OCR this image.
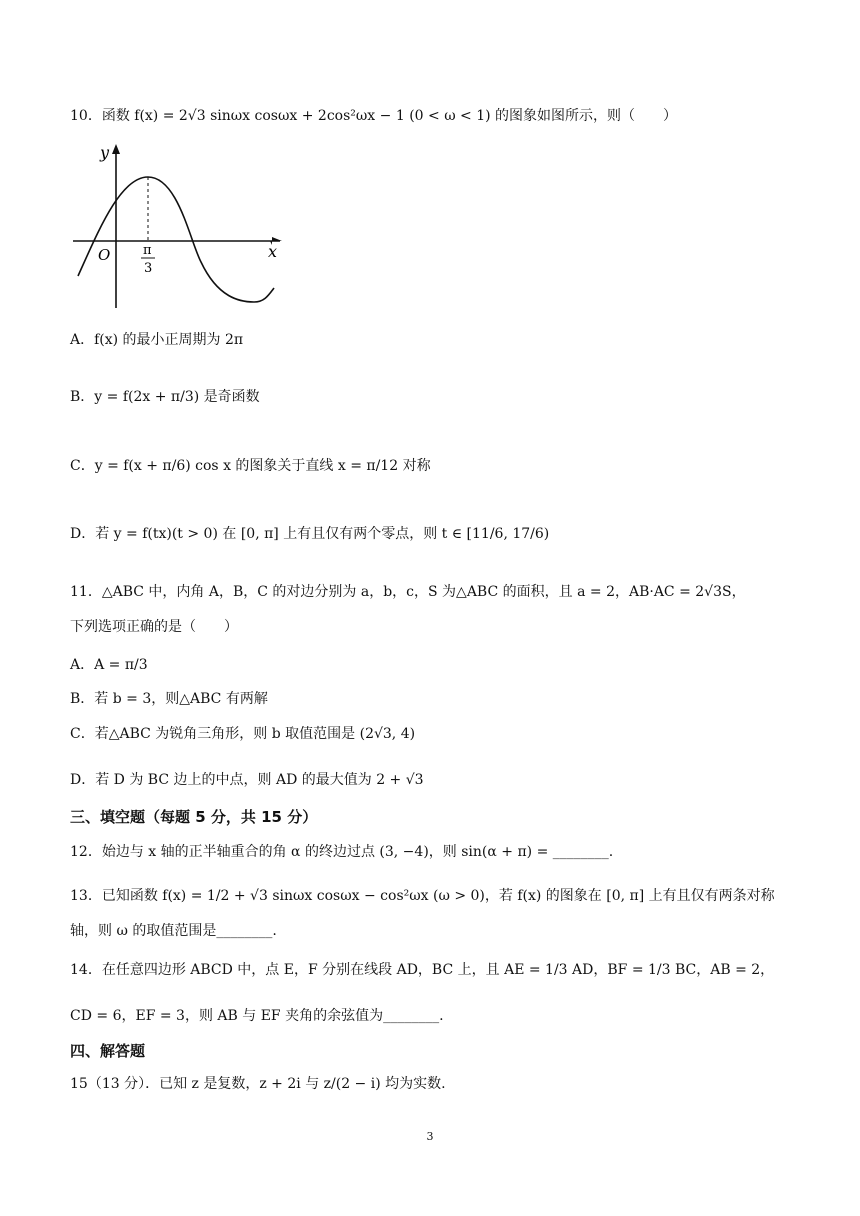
10．函数 f(x) = 2√3 sinωx cosωx + 2cos²ωx − 1 (0 < ω < 1) 的图象如图所示，则（　　）
y
x
O	π
3
A．f(x) 的最小正周期为 2π
B．y = f(2x + π/3) 是奇函数
C．y = f(x + π/6) cos x 的图象关于直线 x = π/12 对称
D．若 y = f(tx)(t > 0) 在 [0, π] 上有且仅有两个零点，则 t ∈ [11/6, 17/6)
11．△ABC 中，内角 A，B，C 的对边分别为 a，b，c，S 为△ABC 的面积，且 a = 2，AB·AC = 2√3S，
下列选项正确的是（　　）
A．A = π/3
B．若 b = 3，则△ABC 有两解
C．若△ABC 为锐角三角形，则 b 取值范围是 (2√3, 4)
D．若 D 为 BC 边上的中点，则 AD 的最大值为 2 + √3
三、填空题（每题 5 分，共 15 分）
12．始边与 x 轴的正半轴重合的角 α 的终边过点 (3, −4)，则 sin(α + π) = ________.
13．已知函数 f(x) = 1/2 + √3 sinωx cosωx − cos²ωx (ω > 0)，若 f(x) 的图象在 [0, π] 上有且仅有两条对称
轴，则 ω 的取值范围是________.
14．在任意四边形 ABCD 中，点 E，F 分别在线段 AD，BC 上，且 AE = 1/3 AD，BF = 1/3 BC，AB = 2，
CD = 6，EF = 3，则 AB 与 EF 夹角的余弦值为________.
四、解答题
15（13 分）．已知 z 是复数，z + 2i 与 z/(2 − i) 均为实数.
3
